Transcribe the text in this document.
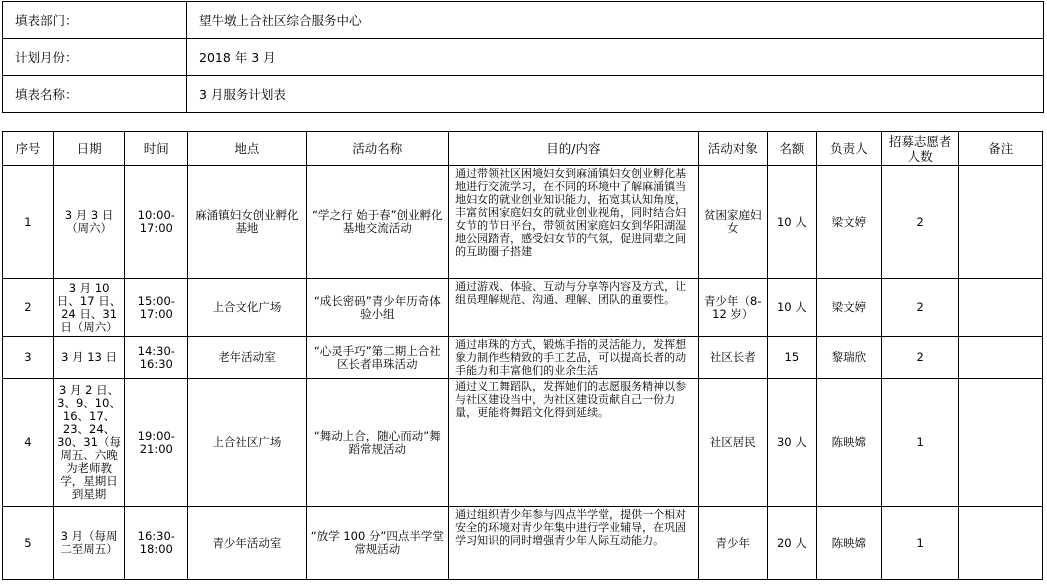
填表部门：	望牛墩上合社区综合服务中心
计划月份：	2018 年 3 月
填表名称：	3 月服务计划表
序号	日期	时间	地点	活动名称	目的/内容	活动对象	名额	负责人	招募志愿者人数	备注

1	3 月 3 日（周六）	10:00-17:00	麻涌镇妇女创业孵化基地	“学之行 始于春”创业孵化基地交流活动	通过带领社区困境妇女到麻涌镇妇女创业孵化基地进行交流学习，在不同的环境中了解麻涌镇当地妇女的就业创业知识能力，拓宽其认知角度，丰富贫困家庭妇女的就业创业视角，同时结合妇女节的节日平台，带领贫困家庭妇女到华阳湖湿地公园踏青，感受妇女节的气氛，促进同辈之间的互助圈子搭建	贫困家庭妇女	10 人	梁文婷	2	

2	3 月 10 日、17 日、24 日、31 日（周六）	15:00-17:00	上合文化广场	“成长密码”青少年历奇体验小组	通过游戏、体验、互动与分享等内容及方式，让组员理解规范、沟通、理解、团队的重要性。	青少年（8-12 岁）	10 人	梁文婷	2	

3	3 月 13 日	14:30-16:30	老年活动室	“心灵手巧”第二期上合社区长者串珠活动	通过串珠的方式，锻炼手指的灵活能力，发挥想象力制作些精致的手工艺品，可以提高长者的动手能力和丰富他们的业余生活	社区长者	15	黎瑞欣	2	

4	3 月 2 日、3、9、10、16、17、23、24、30、31（每周五、六晚为老师教学，星期日到星期	19:00-21:00	上合社区广场	“舞动上合，随心而动”舞蹈常规活动	通过义工舞蹈队，发挥她们的志愿服务精神以参与社区建设当中，为社区建设贡献自己一份力量，更能将舞蹈文化得到延续。	社区居民	30 人	陈映嫦	1	

5	3 月（每周二至周五）	16:30-18:00	青少年活动室	“放学 100 分”四点半学堂常规活动	通过组织青少年参与四点半学堂，提供一个相对安全的环境对青少年集中进行学业辅导，在巩固学习知识的同时增强青少年人际互动能力。	青少年	20 人	陈映嫦	1	
